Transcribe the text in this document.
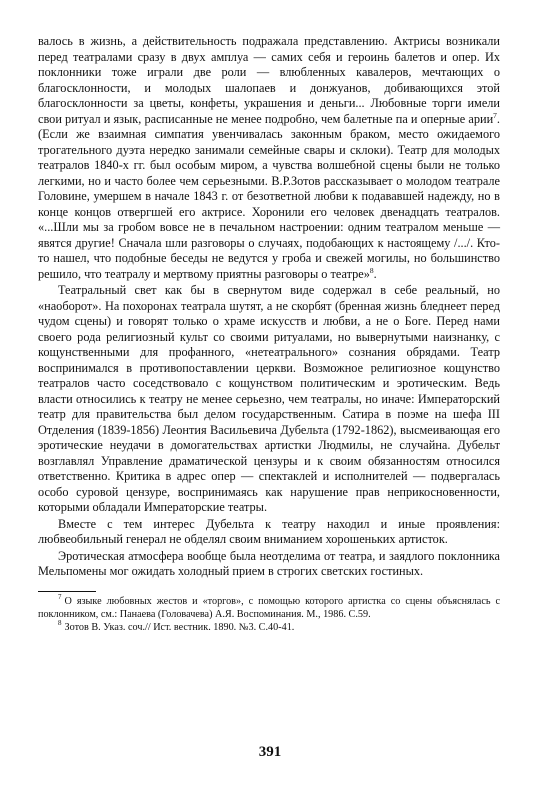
валось в жизнь, а действительность подражала представлению. Актрисы возникали перед театралами сразу в двух амплуа — самих себя и героинь балетов и опер. Их поклонники тоже играли две роли — влюбленных кавалеров, мечтающих о благосклонности, и молодых шалопаев и донжуанов, добивающихся этой благосклонности за цветы, конфеты, украшения и деньги... Любовные торги имели свои ритуал и язык, расписанные не менее подробно, чем балетные па и оперные арии$^7$. (Если же взаимная симпатия увенчивалась законным браком, место ожидаемого трогательного дуэта нередко занимали семейные свары и склоки). Театр для молодых театралов 1840-х гг. был особым миром, а чувства волшебной сцены были не только легкими, но и часто более чем серьезными. В.Р.Зотов рассказывает о молодом театрале Головине, умершем в начале 1843 г. от безответной любви к подававшей надежду, но в конце концов отвергшей его актрисе. Хоронили его человек двенадцать театралов. «...Шли мы за гробом вовсе не в печальном настроении: одним театралом меньше — явятся другие! Сначала шли разговоры о случаях, подобающих к настоящему /.../. Кто-то нашел, что подобные беседы не ведутся у гроба и свежей могилы, но большинство решило, что театралу и мертвому приятны разговоры о театре»$^8$.

Театральный свет как бы в свернутом виде содержал в себе реальный, но «наоборот». На похоронах театрала шутят, а не скорбят (бренная жизнь бледнеет перед чудом сцены) и говорят только о храме искусств и любви, а не о Боге. Перед нами своего рода религиозный культ со своими ритуалами, но вывернутыми наизнанку, с кощунственными для профанного, «нетеатрального» сознания обрядами. Театр воспринимался в противопоставлении церкви. Возможное религиозное кощунство театралов часто соседствовало с кощунством политическим и эротическим. Ведь власти относились к театру не менее серьезно, чем театралы, но иначе: Императорский театр для правительства был делом государственным. Сатира в поэме на шефа III Отделения (1839-1856) Леонтия Васильевича Дубельта (1792-1862), высмеивающая его эротические неудачи в домогательствах артистки Людмилы, не случайна. Дубельт возглавлял Управление драматической цензуры и к своим обязанностям относился ответственно. Критика в адрес опер — спектаклей и исполнителей — подвергалась особо суровой цензуре, воспринимаясь как нарушение прав неприкосновенности, которыми обладали Императорские театры.

Вместе с тем интерес Дубельта к театру находил и иные проявления: любвеобильный генерал не обделял своим вниманием хорошеньких артисток.

Эротическая атмосфера вообще была неотделима от театра, и заядлого поклонника Мельпомены мог ожидать холодный прием в строгих светских гостиных.

$^7$ О языке любовных жестов и «торгов», с помощью которого артистка со сцены объяснялась с поклонником, см.: Панаева (Головачева) А.Я. Воспоминания. М., 1986. С.59.

$^8$ Зотов В. Указ. соч.// Ист. вестник. 1890. №3. С.40-41.

391
